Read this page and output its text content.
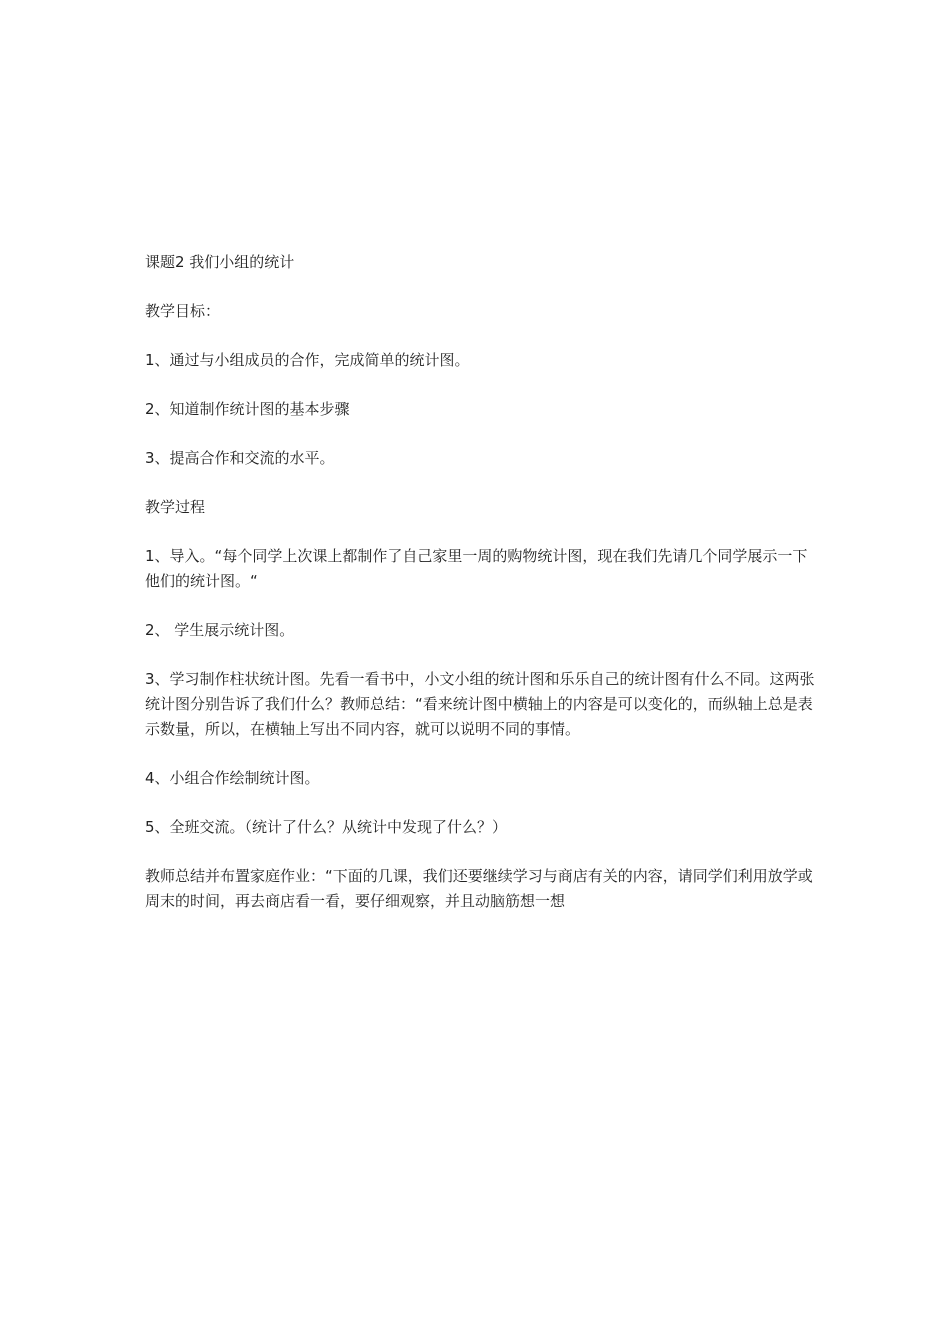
课题2 我们小组的统计

教学目标：

1、通过与小组成员的合作，完成简单的统计图。

2、知道制作统计图的基本步骤

3、提高合作和交流的水平。

教学过程

1、导入。“每个同学上次课上都制作了自己家里一周的购物统计图，现在我们先请几个同学展示一下他们的统计图。“

2、 学生展示统计图。

3、学习制作柱状统计图。先看一看书中，小文小组的统计图和乐乐自己的统计图有什么不同。这两张统计图分别告诉了我们什么？教师总结：“看来统计图中横轴上的内容是可以变化的，而纵轴上总是表示数量，所以，在横轴上写出不同内容，就可以说明不同的事情。

4、小组合作绘制统计图。

5、全班交流。（统计了什么？从统计中发现了什么？）

教师总结并布置家庭作业：“下面的几课，我们还要继续学习与商店有关的内容，请同学们利用放学或周末的时间，再去商店看一看，要仔细观察，并且动脑筋想一想
